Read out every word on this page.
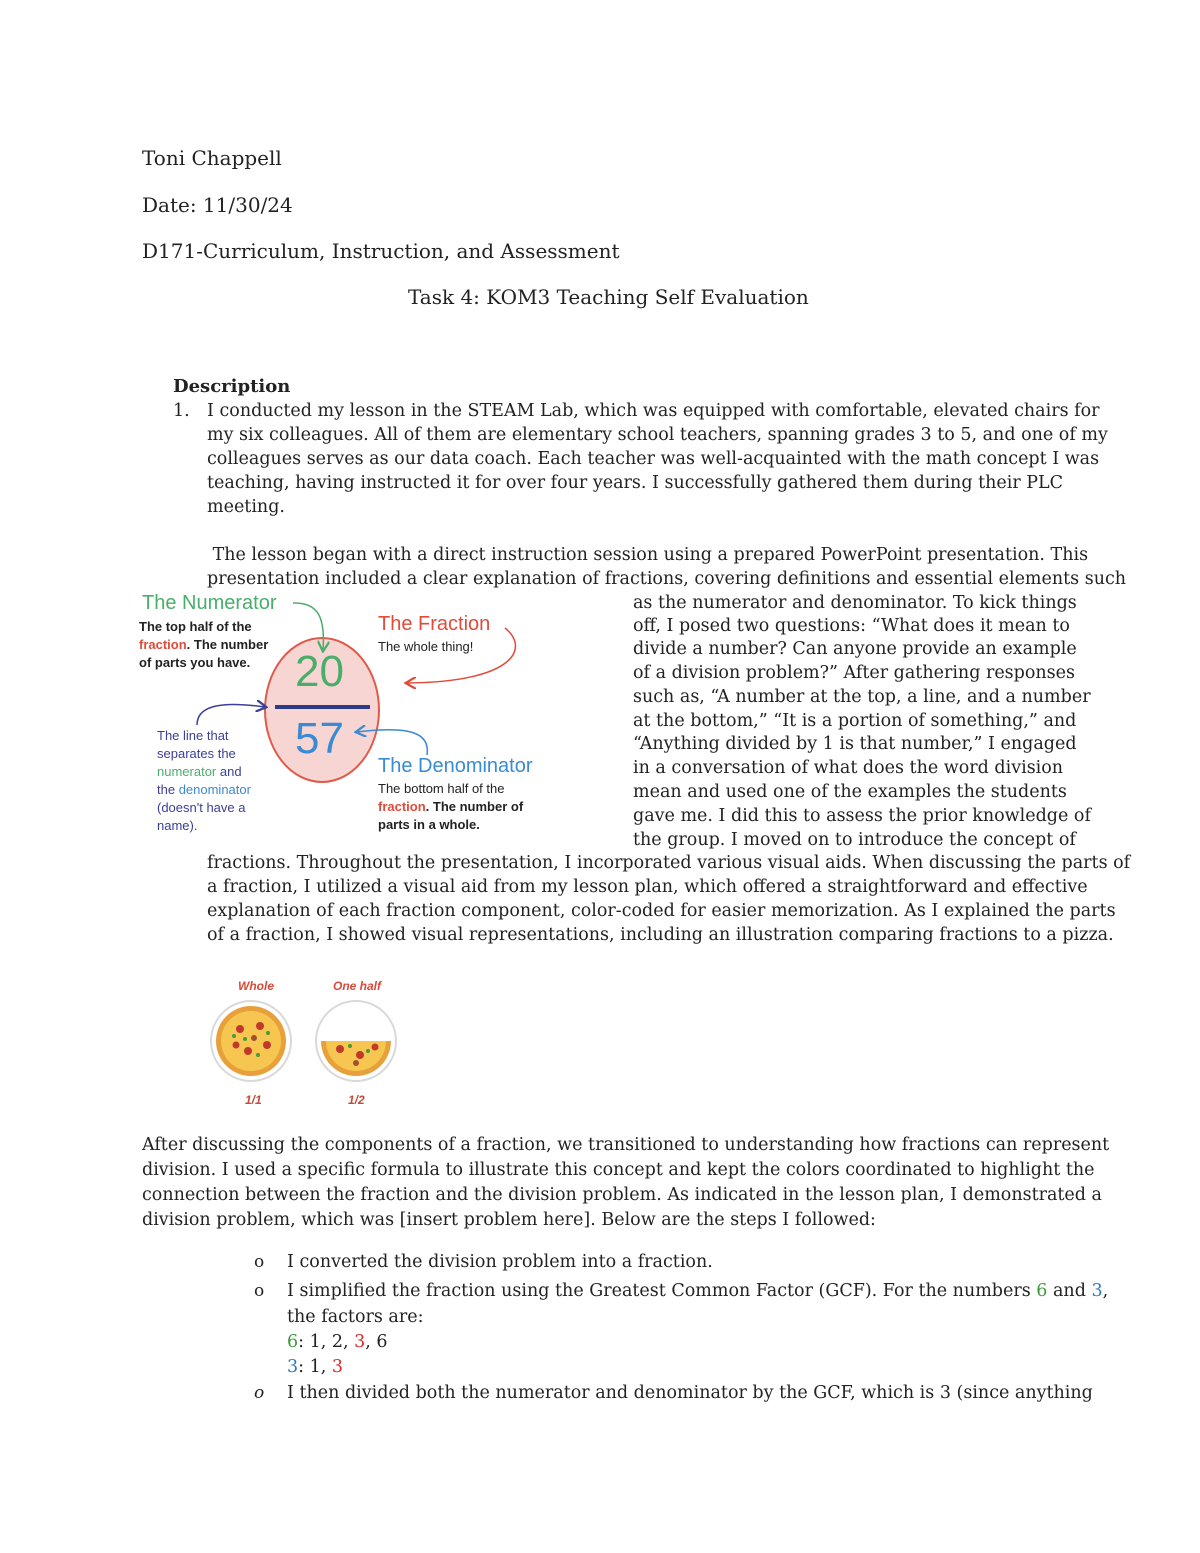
Toni Chappell
Date: 11/30/24
D171-Curriculum, Instruction, and Assessment
Task 4: KOM3 Teaching Self Evaluation
Description
1. I conducted my lesson in the STEAM Lab, which was equipped with comfortable, elevated chairs for
my six colleagues. All of them are elementary school teachers, spanning grades 3 to 5, and one of my
colleagues serves as our data coach. Each teacher was well-acquainted with the math concept I was
teaching, having instructed it for over four years. I successfully gathered them during their PLC
meeting.
The lesson began with a direct instruction session using a prepared PowerPoint presentation. This
presentation included a clear explanation of fractions, covering definitions and essential elements such
as the numerator and denominator. To kick things
off, I posed two questions: “What does it mean to
divide a number? Can anyone provide an example
of a division problem?” After gathering responses
such as, “A number at the top, a line, and a number
at the bottom,” “It is a portion of something,” and
“Anything divided by 1 is that number,” I engaged
in a conversation of what does the word division
mean and used one of the examples the students
gave me. I did this to assess the prior knowledge of
the group. I moved on to introduce the concept of
fractions. Throughout the presentation, I incorporated various visual aids. When discussing the parts of
a fraction, I utilized a visual aid from my lesson plan, which offered a straightforward and effective
explanation of each fraction component, color-coded for easier memorization. As I explained the parts
of a fraction, I showed visual representations, including an illustration comparing fractions to a pizza.
The Numerator
The top half of the
fraction. The number
of parts you have.
The Fraction
The whole thing!
20
57
The line that
separates the
numerator and
the denominator
(doesn't have a
name).
The Denominator
The bottom half of the
fraction. The number of
parts in a whole.
Whole	One half
1/1	1/2
After discussing the components of a fraction, we transitioned to understanding how fractions can represent
division. I used a specific formula to illustrate this concept and kept the colors coordinated to highlight the
connection between the fraction and the division problem. As indicated in the lesson plan, I demonstrated a
division problem, which was [insert problem here]. Below are the steps I followed:
o I converted the division problem into a fraction.
o I simplified the fraction using the Greatest Common Factor (GCF). For the numbers 6 and 3,
the factors are:
6: 1, 2, 3, 6
3: 1, 3
o I then divided both the numerator and denominator by the GCF, which is 3 (since anything
